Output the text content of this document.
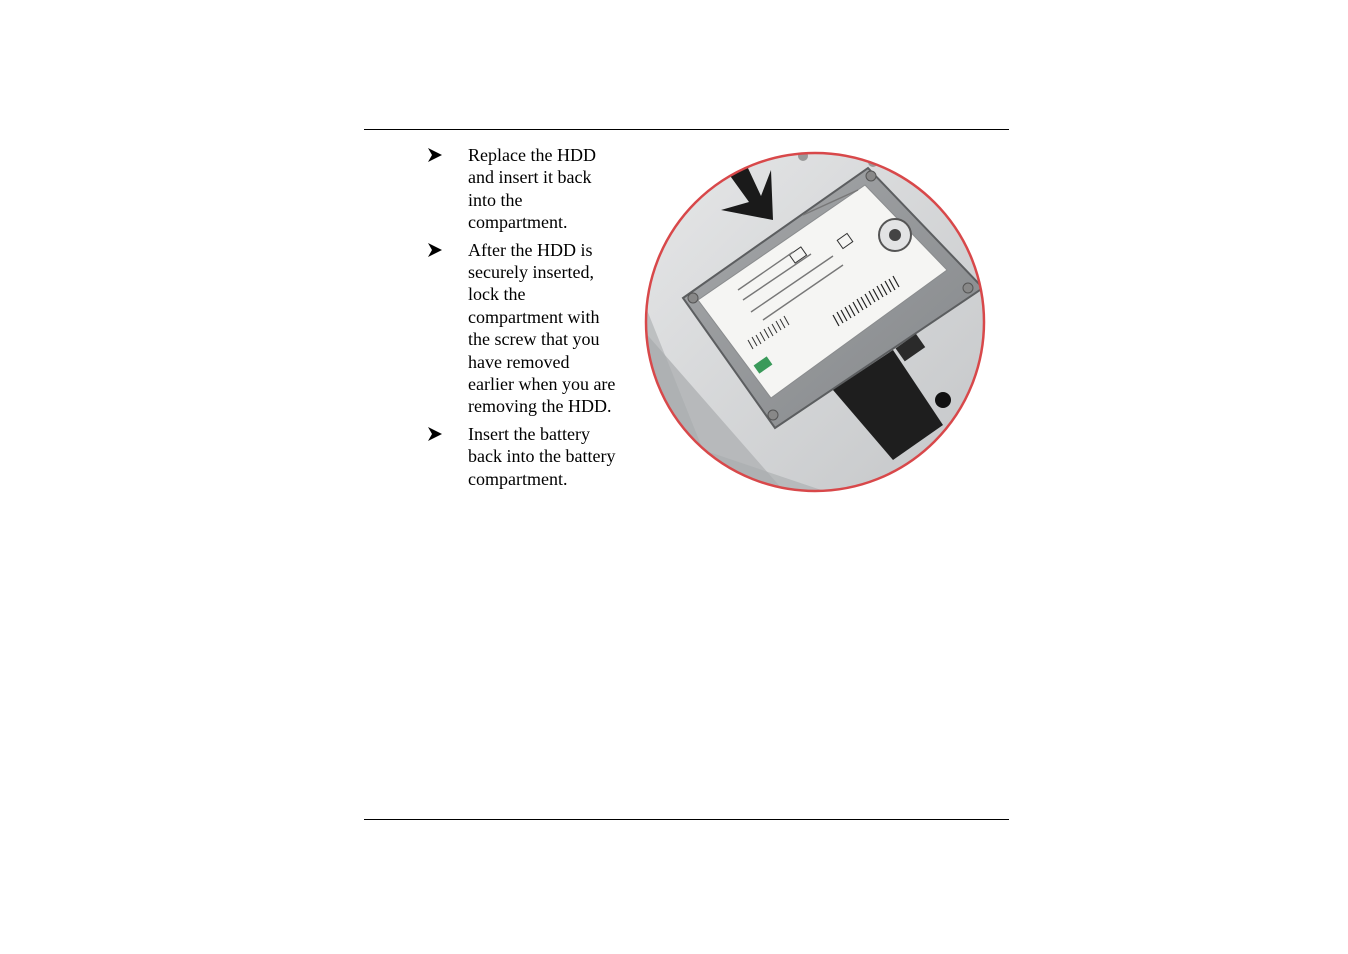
Replace the HDD and insert it back into the compartment.
After the HDD is securely inserted, lock the compartment with the screw that you have removed earlier when you are removing the HDD.
Insert the battery back into the battery compartment.
